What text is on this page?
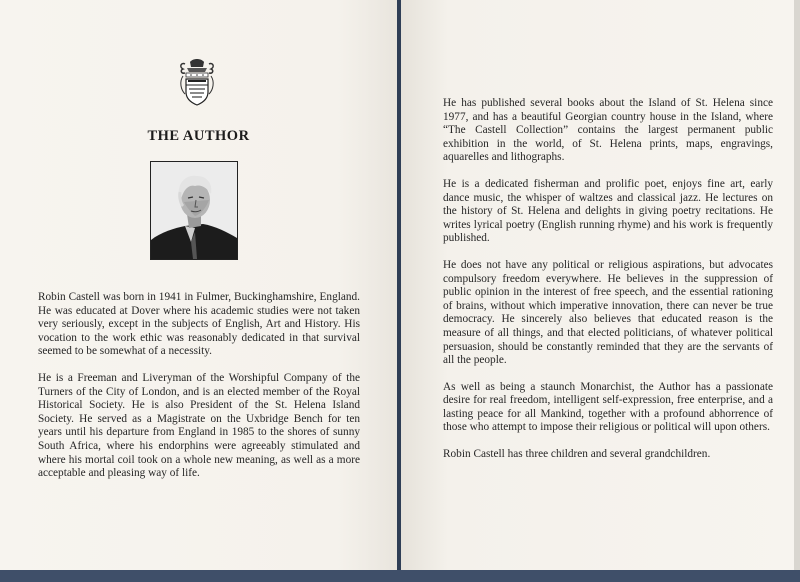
THE AUTHOR

Robin Castell was born in 1941 in Fulmer, Buckinghamshire, England. He was educated at Dover where his academic studies were not taken very seriously, except in the subjects of English, Art and History. His vocation to the work ethic was reasonably dedicated in that survival seemed to be somewhat of a necessity.

He is a Freeman and Liveryman of the Worshipful Company of the Turners of the City of London, and is an elected member of the Royal Historical Society. He is also President of the St. Helena Island Society. He served as a Magistrate on the Uxbridge Bench for ten years until his departure from England in 1985 to the shores of sunny South Africa, where his endorphins were agreeably stimulated and where his mortal coil took on a whole new meaning, as well as a more acceptable and pleasing way of life.

He has published several books about the Island of St. Helena since 1977, and has a beautiful Georgian country house in the Island, where “The Castell Collection” contains the largest permanent public exhibition in the world, of St. Helena prints, maps, engravings, aquarelles and lithographs.

He is a dedicated fisherman and prolific poet, enjoys fine art, early dance music, the whisper of waltzes and classical jazz. He lectures on the history of St. Helena and delights in giving poetry recitations. He writes lyrical poetry (English running rhyme) and his work is frequently published.

He does not have any political or religious aspirations, but advocates compulsory freedom everywhere. He believes in the suppression of public opinion in the interest of free speech, and the essential rationing of brains, without which imperative innovation, there can never be true democracy. He sincerely also believes that educated reason is the measure of all things, and that elected politicians, of whatever political persuasion, should be constantly reminded that they are the servants of all the people.

As well as being a staunch Monarchist, the Author has a passionate desire for real freedom, intelligent self-expression, free enterprise, and a lasting peace for all Mankind, together with a profound abhorrence of those who attempt to impose their religious or political will upon others.

Robin Castell has three children and several grandchildren.
